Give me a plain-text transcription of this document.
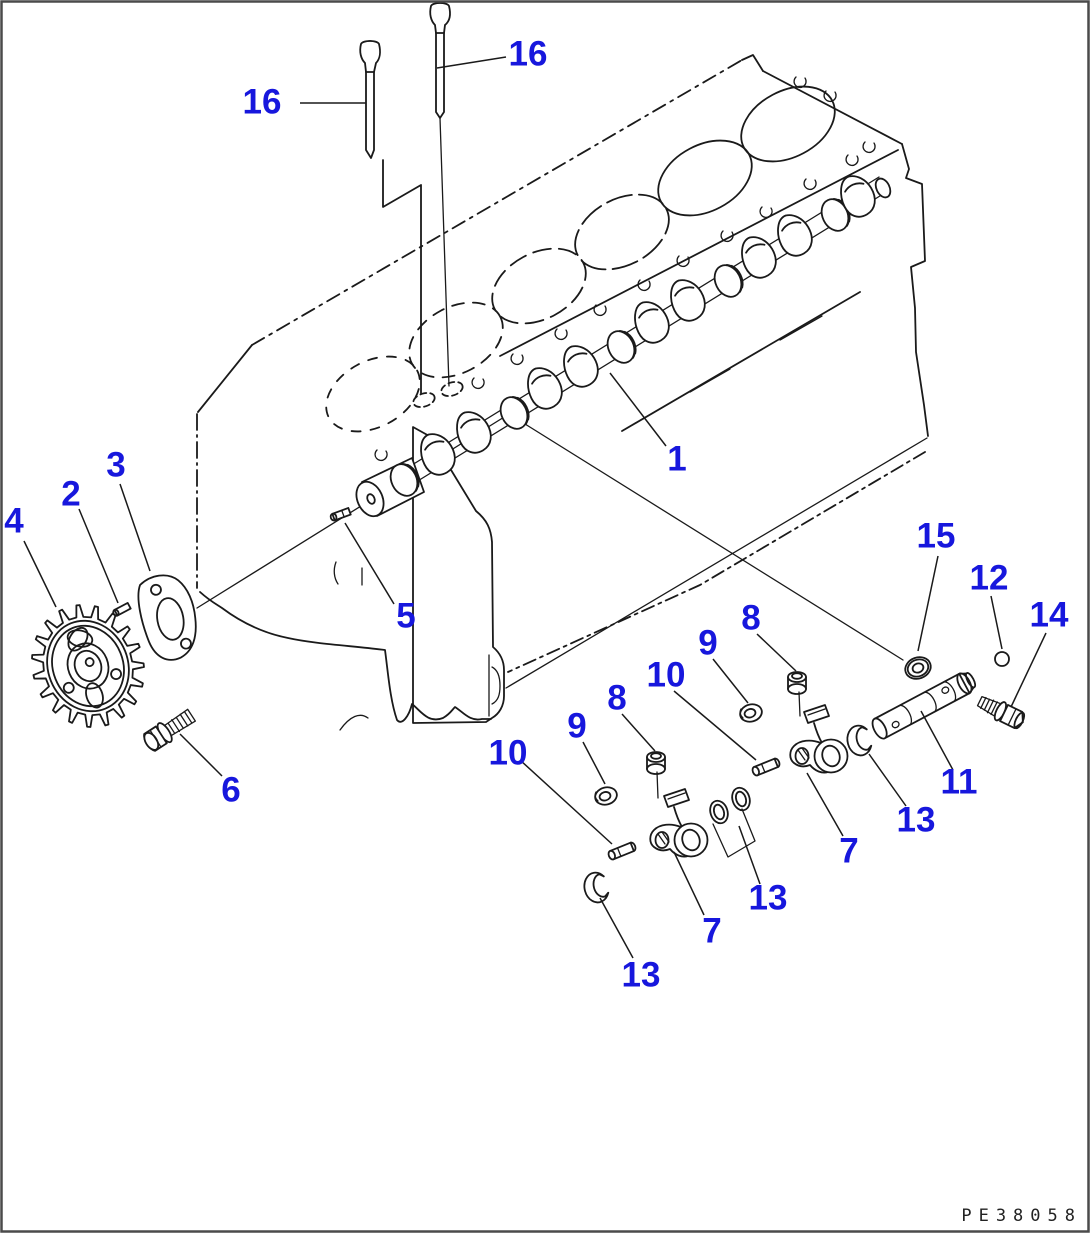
16
16
1
2
3
4
5
6
8
9
10
8
9
10
15
12
14
11
13
7
13
7
13
PE38058
